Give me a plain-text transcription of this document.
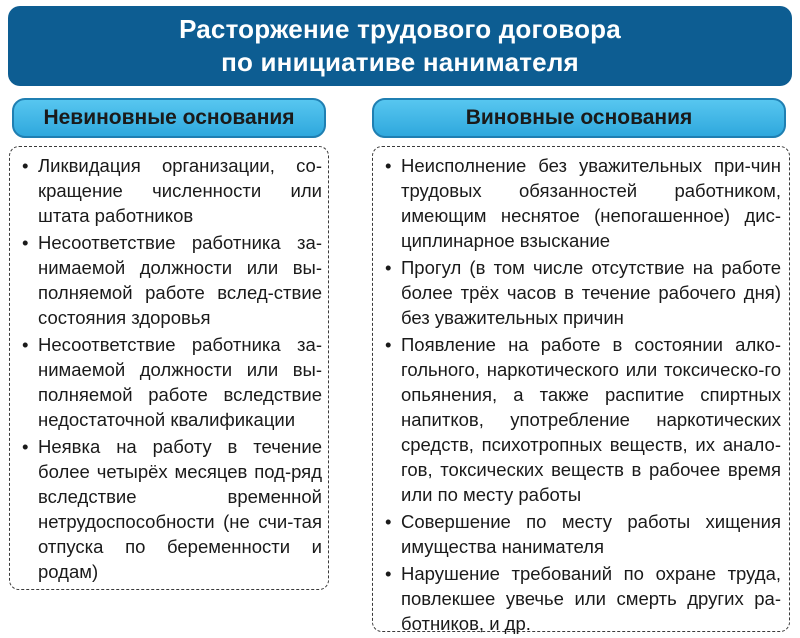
Расторжение трудового договора
по инициативе нанимателя
Невиновные основания	Виновные основания
• Ликвидация организации, со-кращение численности или штата работников
• Несоответствие работника за-нимаемой должности или вы-полняемой работе вслед-ствие состояния здоровья
• Несоответствие работника за-нимаемой должности или вы-полняемой работе вследствие недостаточной квалификации
• Неявка на работу в течение более четырёх месяцев под-ряд вследствие временной нетрудоспособности (не счи-тая отпуска по беременности и родам)
• Неисполнение без уважительных при-чин трудовых обязанностей работником, имеющим неснятое (непогашенное) дис-циплинарное взыскание
• Прогул (в том числе отсутствие на работе более трёх часов в течение рабочего дня) без уважительных причин
• Появление на работе в состоянии алко-гольного, наркотического или токсическо-го опьянения, а также распитие спиртных напитков, употребление наркотических средств, психотропных веществ, их анало-гов, токсических веществ в рабочее время или по месту работы
• Совершение по месту работы хищения имущества нанимателя
• Нарушение требований по охране труда, повлекшее увечье или смерть других ра-ботников, и др.
